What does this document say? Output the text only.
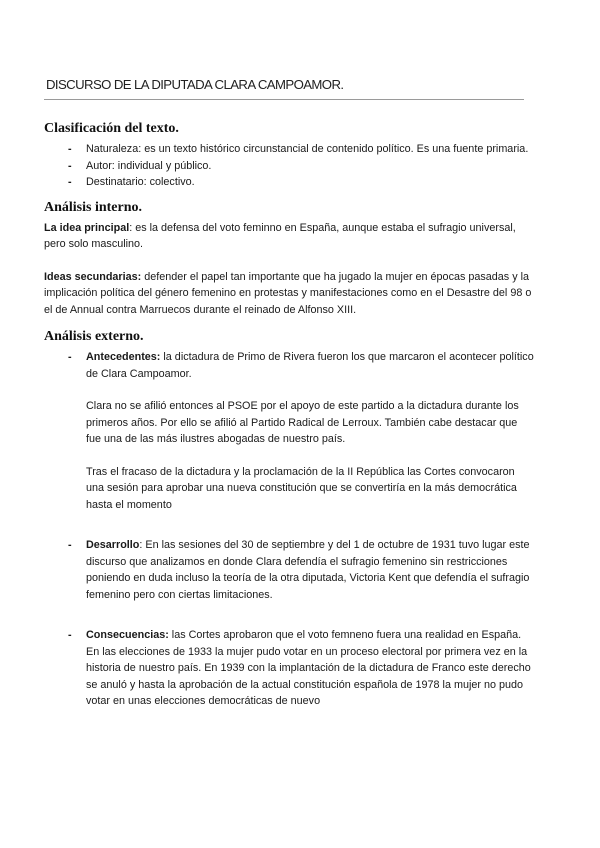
DISCURSO DE LA DIPUTADA CLARA CAMPOAMOR.
Clasificación del texto.
- Naturaleza: es un texto histórico circunstancial de contenido político. Es una fuente primaria.
- Autor: individual y público.
- Destinatario: colectivo.
Análisis interno.

La idea principal: es la defensa del voto feminno en España, aunque estaba el sufragio universal, pero solo masculino.

Ideas secundarias: defender el papel tan importante que ha jugado la mujer en épocas pasadas y la implicación política del género femenino en protestas y manifestaciones como en el Desastre del 98 o el de Annual contra Marruecos durante el reinado de Alfonso XIII.

Análisis externo.
- Antecedentes: la dictadura de Primo de Rivera fueron los que marcaron el acontecer político de Clara Campoamor.

Clara no se afilió entonces al PSOE por el apoyo de este partido a la dictadura durante los primeros años. Por ello se afilió al Partido Radical de Lerroux. También cabe destacar que fue una de las más ilustres abogadas de nuestro país.

Tras el fracaso de la dictadura y la proclamación de la II República las Cortes convocaron una sesión para aprobar una nueva constitución que se convertiría en la más democrática hasta el momento

- Desarrollo: En las sesiones del 30 de septiembre y del 1 de octubre de 1931 tuvo lugar este discurso que analizamos en donde Clara defendía el sufragio femenino sin restricciones poniendo en duda incluso la teoría de la otra diputada, Victoria Kent que defendía el sufragio femenino pero con ciertas limitaciones.

- Consecuencias: las Cortes aprobaron que el voto femneno fuera una realidad en España. En las elecciones de 1933 la mujer pudo votar en un proceso electoral por primera vez en la historia de nuestro país. En 1939 con la implantación de la dictadura de Franco este derecho se anuló y hasta la aprobación de la actual constitución española de 1978 la mujer no pudo votar en unas elecciones democráticas de nuevo
